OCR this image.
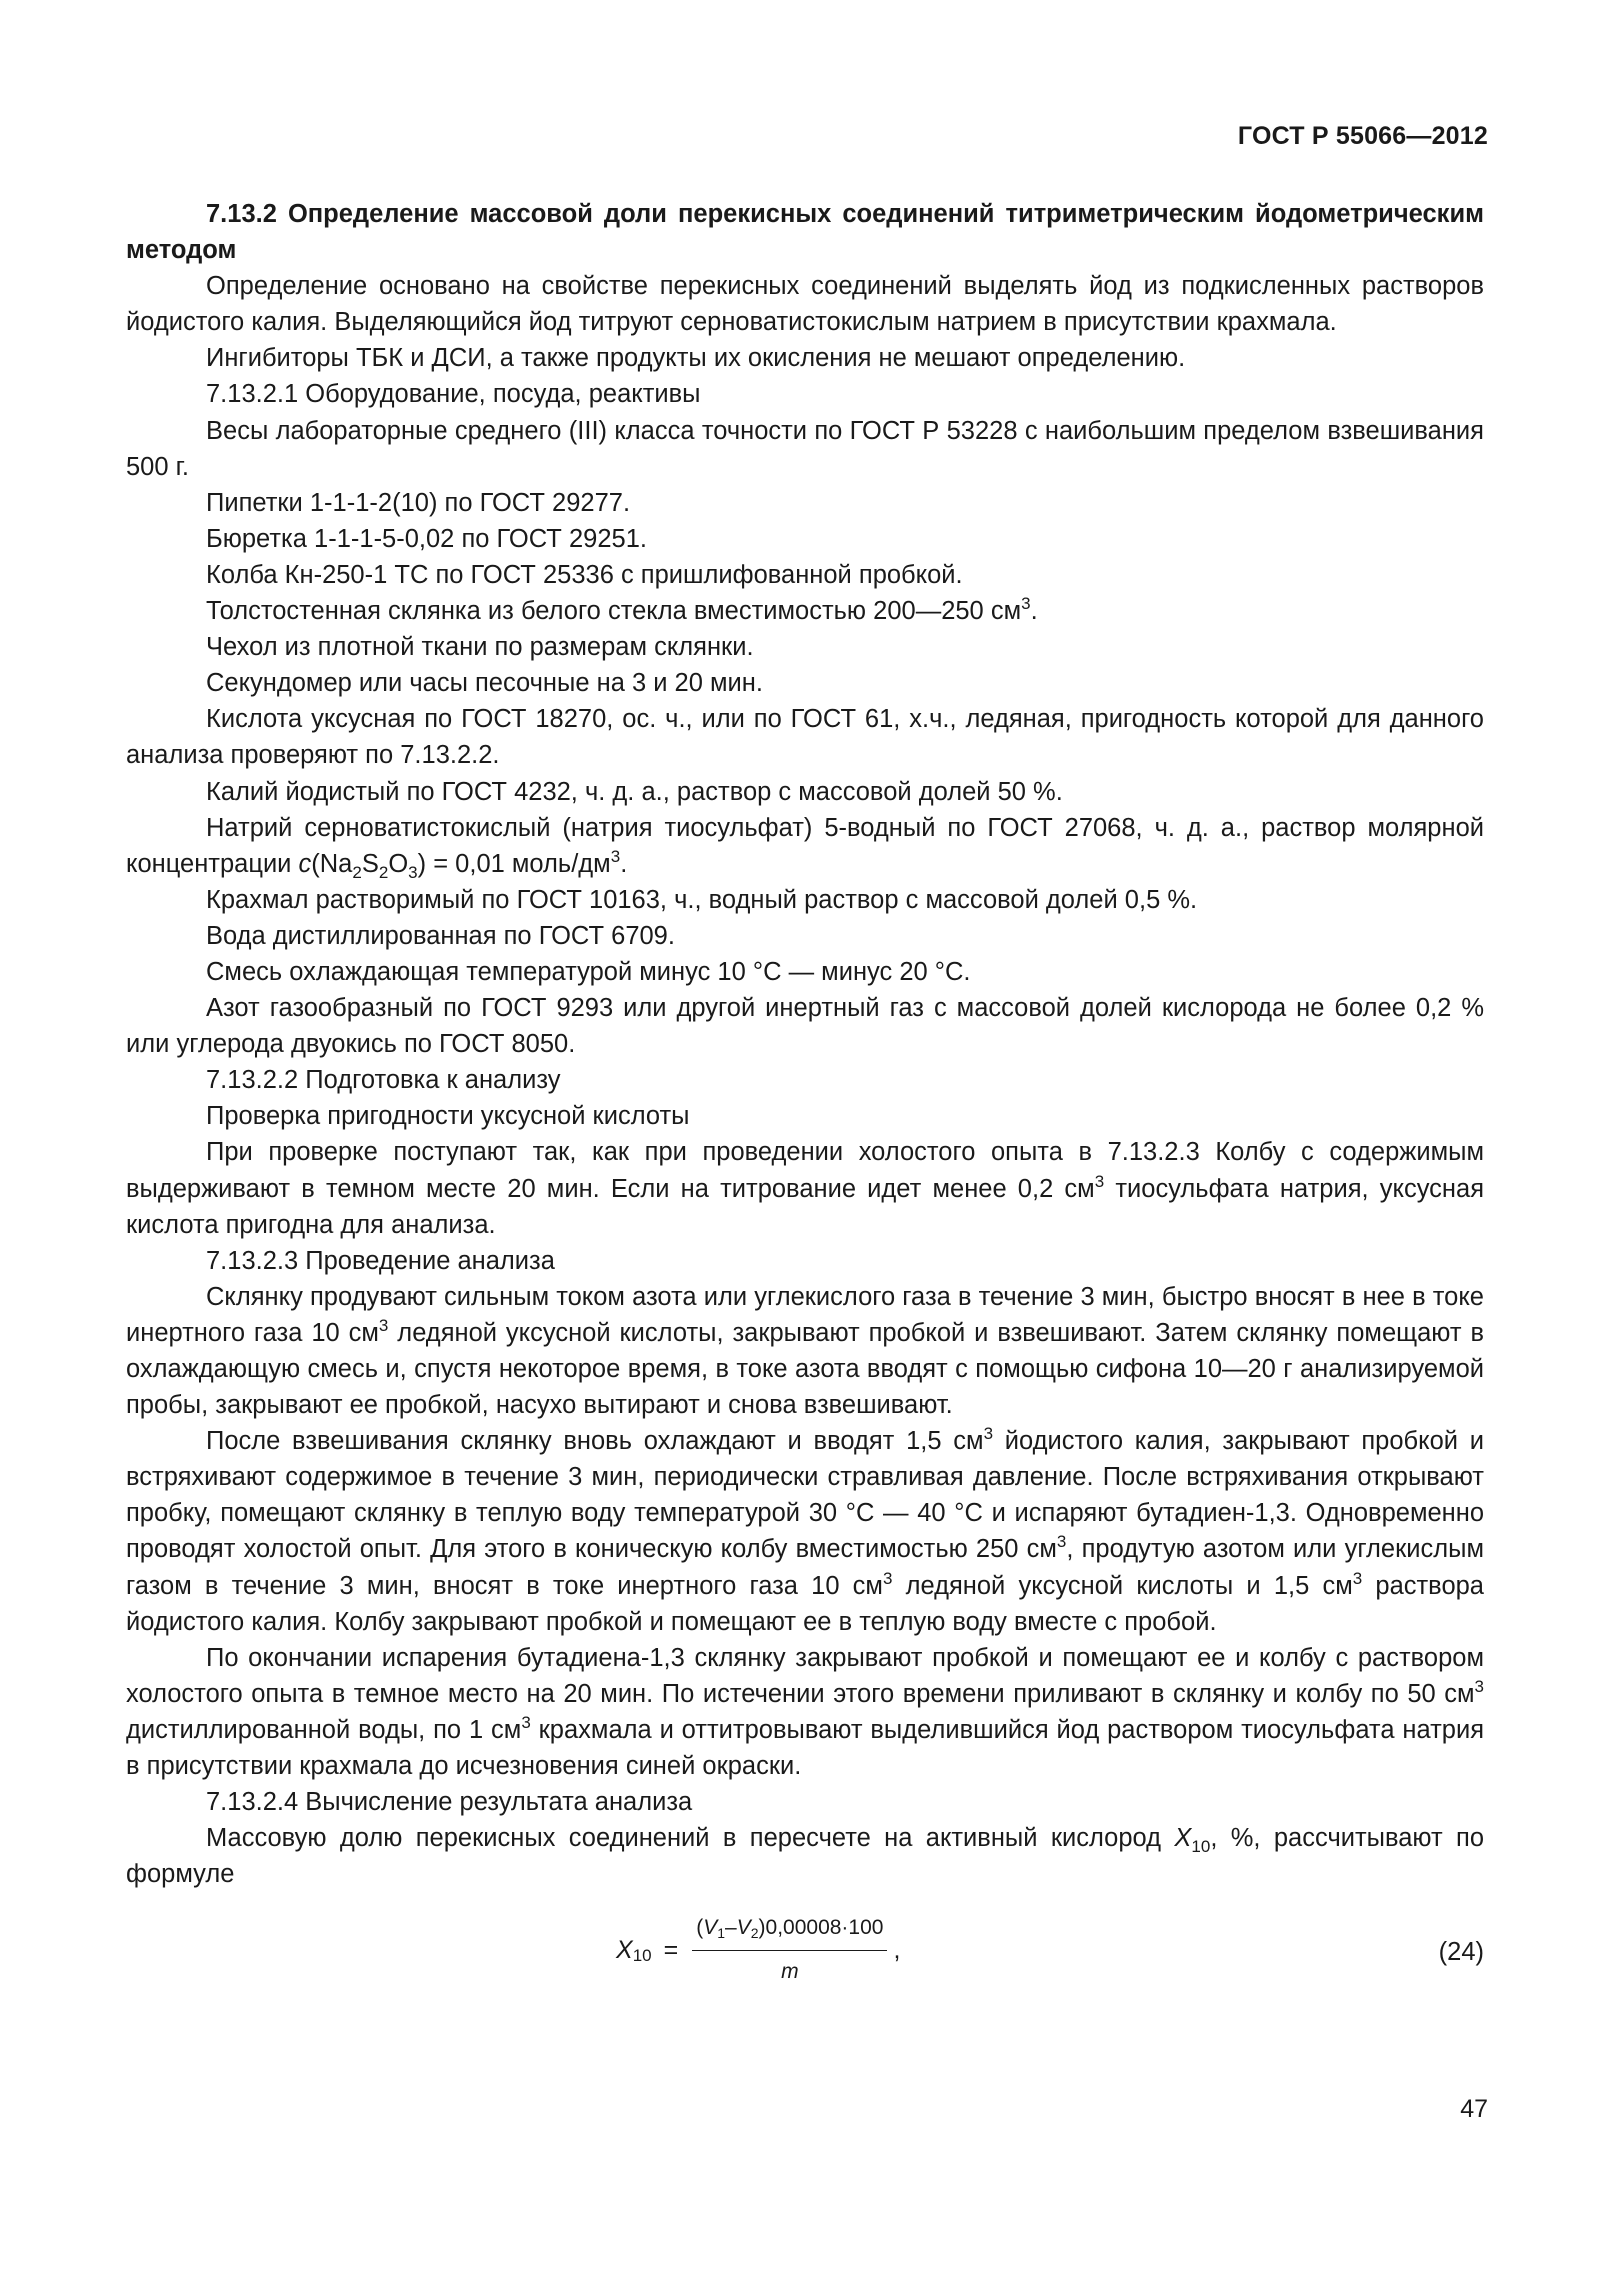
ГОСТ Р 55066—2012

7.13.2 Определение массовой доли перекисных соединений титриметрическим йодометрическим методом

Определение основано на свойстве перекисных соединений выделять йод из подкисленных растворов йодистого калия. Выделяющийся йод титруют серноватистокислым натрием в присутствии крахмала.

Ингибиторы ТБК и ДСИ, а также продукты их окисления не мешают определению.

7.13.2.1 Оборудование, посуда, реактивы

Весы лабораторные среднего (III) класса точности по ГОСТ Р 53228 с наибольшим пределом взвешивания 500 г.

Пипетки 1-1-1-2(10) по ГОСТ 29277.

Бюретка 1-1-1-5-0,02 по ГОСТ 29251.

Колба Кн-250-1 ТС по ГОСТ 25336 с пришлифованной пробкой.

Толстостенная склянка из белого стекла вместимостью 200—250 $см^3$.

Чехол из плотной ткани по размерам склянки.

Секундомер или часы песочные на 3 и 20 мин.

Кислота уксусная по ГОСТ 18270, ос. ч., или по ГОСТ 61, х.ч., ледяная, пригодность которой для данного анализа проверяют по 7.13.2.2.

Калий йодистый по ГОСТ 4232, ч. д. а., раствор с массовой долей 50 %.

Натрий серноватистокислый (натрия тиосульфат) 5-водный по ГОСТ 27068, ч. д. а., раствор молярной концентрации $c(Na_2S_2O_3) = 0,01$ моль/$дм^3$.

Крахмал растворимый по ГОСТ 10163, ч., водный раствор с массовой долей 0,5 %.

Вода дистиллированная по ГОСТ 6709.

Смесь охлаждающая температурой минус 10 °С — минус 20 °С.

Азот газообразный по ГОСТ 9293 или другой инертный газ с массовой долей кислорода не более 0,2 % или углерода двуокись по ГОСТ 8050.

7.13.2.2 Подготовка к анализу

Проверка пригодности уксусной кислоты

При проверке поступают так, как при проведении холостого опыта в 7.13.2.3 Колбу с содержимым выдерживают в темном месте 20 мин. Если на титрование идет менее 0,2 $см^3$ тиосульфата натрия, уксусная кислота пригодна для анализа.

7.13.2.3 Проведение анализа

Склянку продувают сильным током азота или углекислого газа в течение 3 мин, быстро вносят в нее в токе инертного газа 10 $см^3$ ледяной уксусной кислоты, закрывают пробкой и взвешивают. Затем склянку помещают в охлаждающую смесь и, спустя некоторое время, в токе азота вводят с помощью сифона 10—20 г анализируемой пробы, закрывают ее пробкой, насухо вытирают и снова взвешивают.

После взвешивания склянку вновь охлаждают и вводят 1,5 $см^3$ йодистого калия, закрывают пробкой и встряхивают содержимое в течение 3 мин, периодически стравливая давление. После встряхивания открывают пробку, помещают склянку в теплую воду температурой 30 °С — 40 °С и испаряют бутадиен-1,3. Одновременно проводят холостой опыт. Для этого в коническую колбу вместимостью 250 $см^3$, продутую азотом или углекислым газом в течение 3 мин, вносят в токе инертного газа 10 $см^3$ ледяной уксусной кислоты и 1,5 $см^3$ раствора йодистого калия. Колбу закрывают пробкой и помещают ее в теплую воду вместе с пробой.

По окончании испарения бутадиена-1,3 склянку закрывают пробкой и помещают ее и колбу с раствором холостого опыта в темное место на 20 мин. По истечении этого времени приливают в склянку и колбу по 50 $см^3$ дистиллированной воды, по 1 $см^3$ крахмала и оттитровывают выделившийся йод раствором тиосульфата натрия в присутствии крахмала до исчезновения синей окраски.

7.13.2.4 Вычисление результата анализа

Массовую долю перекисных соединений в пересчете на активный кислород $X_{10}$, %, рассчитывают по формуле

$X_{10} = \frac{(V_1-V_2)0,00008\cdot 100}{m}$ ,	(24)
47
